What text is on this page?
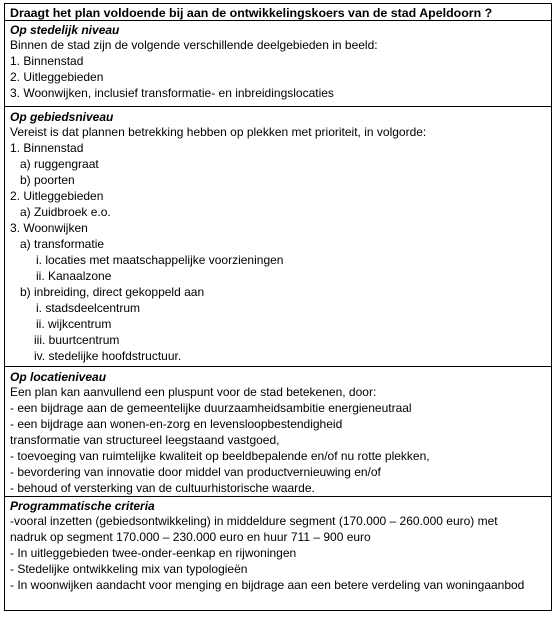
Draagt het plan voldoende bij aan de ontwikkelingskoers van de stad Apeldoorn ?
Op stedelijk niveau
Binnen de stad zijn de volgende verschillende deelgebieden in beeld:
1. Binnenstad
2. Uitleggebieden
3. Woonwijken, inclusief transformatie- en inbreidingslocaties
Op gebiedsniveau
Vereist is dat plannen betrekking hebben op plekken met prioriteit, in volgorde:
1. Binnenstad
a) ruggengraat
b) poorten
2. Uitleggebieden
a) Zuidbroek e.o.
3. Woonwijken
a) transformatie
i. locaties met maatschappelijke voorzieningen
ii. Kanaalzone
b) inbreiding, direct gekoppeld aan
i. stadsdeelcentrum
ii. wijkcentrum
iii. buurtcentrum
iv. stedelijke hoofdstructuur.
Op locatieniveau
Een plan kan aanvullend een pluspunt voor de stad betekenen, door:
- een bijdrage aan de gemeentelijke duurzaamheidsambitie energieneutraal
- een bijdrage aan wonen-en-zorg en levensloopbestendigheid
transformatie van structureel leegstaand vastgoed,
- toevoeging van ruimtelijke kwaliteit op beeldbepalende en/of nu rotte plekken,
- bevordering van innovatie door middel van productvernieuwing en/of
- behoud of versterking van de cultuurhistorische waarde.
Programmatische criteria
-vooral inzetten (gebiedsontwikkeling) in middeldure segment (170.000 – 260.000 euro) met
nadruk op segment 170.000 – 230.000 euro en huur 711 – 900 euro
- In uitleggebieden twee-onder-eenkap en rijwoningen
- Stedelijke ontwikkeling mix van typologieën
- In woonwijken aandacht voor menging en bijdrage aan een betere verdeling van woningaanbod
